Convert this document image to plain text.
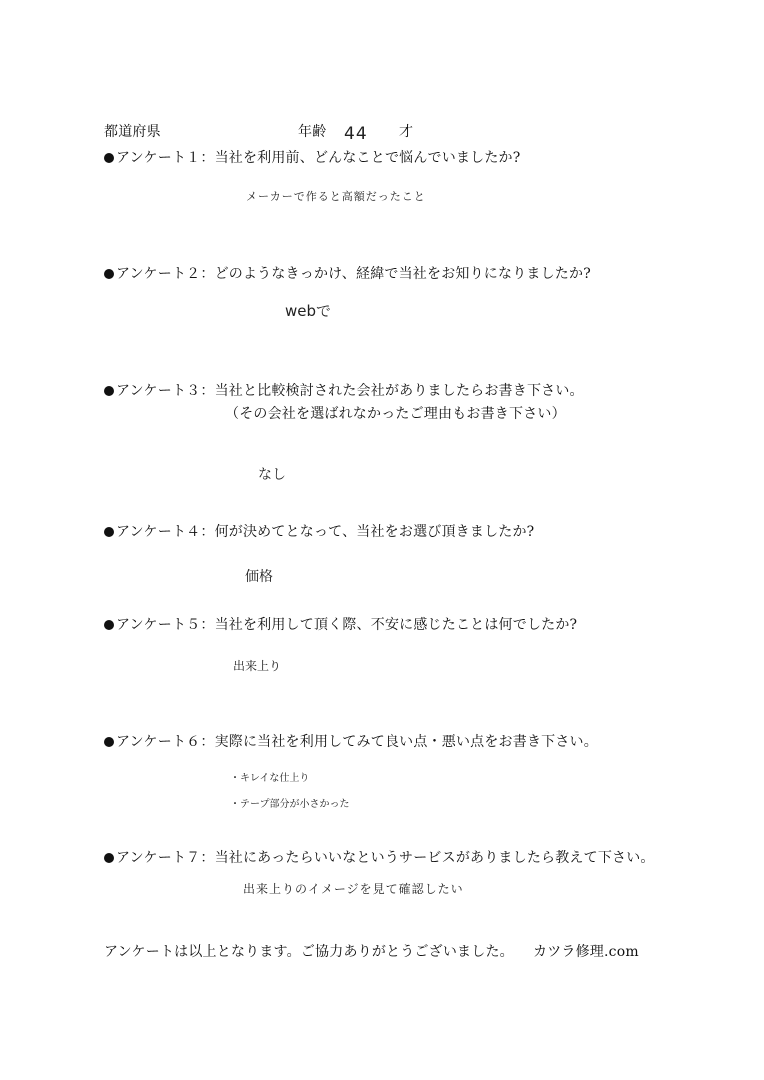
都道府県	年齢 44 才
アンケート１：当社を利用前、どんなことで悩んでいましたか?
メーカーで作ると高額だったこと
アンケート２：どのようなきっかけ、経緯で当社をお知りになりましたか?
webで
アンケート３：当社と比較検討された会社がありましたらお書き下さい。
（その会社を選ばれなかったご理由もお書き下さい）
なし
アンケート４：何が決めてとなって、当社をお選び頂きましたか?
価格
アンケート５：当社を利用して頂く際、不安に感じたことは何でしたか?
出来上り
アンケート６：実際に当社を利用してみて良い点・悪い点をお書き下さい。
・キレイな仕上り
・テープ部分が小さかった
アンケート７：当社にあったらいいなというサービスがありましたら教えて下さい。
出来上りのイメージを見て確認したい
アンケートは以上となります。ご協力ありがとうございました。 カツラ修理.com
